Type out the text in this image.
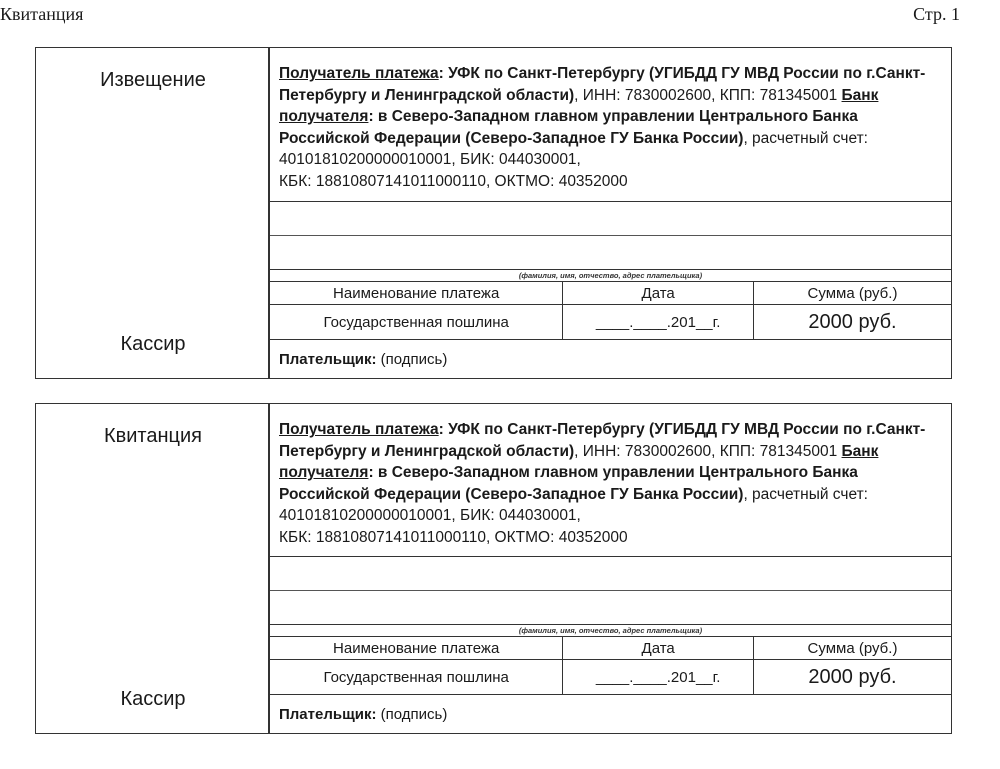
Квитанция	Стр. 1
Извещение
Кассир
Получатель платежа: УФК по Санкт-Петербургу (УГИБДД ГУ МВД России по г.Санкт-Петербургу и Ленинградской области), ИНН: 7830002600, КПП: 781345001 Банк получателя: в Северо-Западном главном управлении Центрального Банка Российской Федерации (Северо-Западное ГУ Банка России), расчетный счет: 40101810200000010001, БИК: 044030001,
КБК: 18810807141011000110, ОКТМО: 40352000
(фамилия, имя, отчество, адрес плательщика)
Наименование платежа	Дата	Сумма (руб.)
Государственная пошлина	____.____.201__г.	2000 руб.
Плательщик: (подпись)
Квитанция
Кассир
Получатель платежа: УФК по Санкт-Петербургу (УГИБДД ГУ МВД России по г.Санкт-Петербургу и Ленинградской области), ИНН: 7830002600, КПП: 781345001 Банк получателя: в Северо-Западном главном управлении Центрального Банка Российской Федерации (Северо-Западное ГУ Банка России), расчетный счет: 40101810200000010001, БИК: 044030001,
КБК: 18810807141011000110, ОКТМО: 40352000
(фамилия, имя, отчество, адрес плательщика)
Наименование платежа	Дата	Сумма (руб.)
Государственная пошлина	____.____.201__г.	2000 руб.
Плательщик: (подпись)
